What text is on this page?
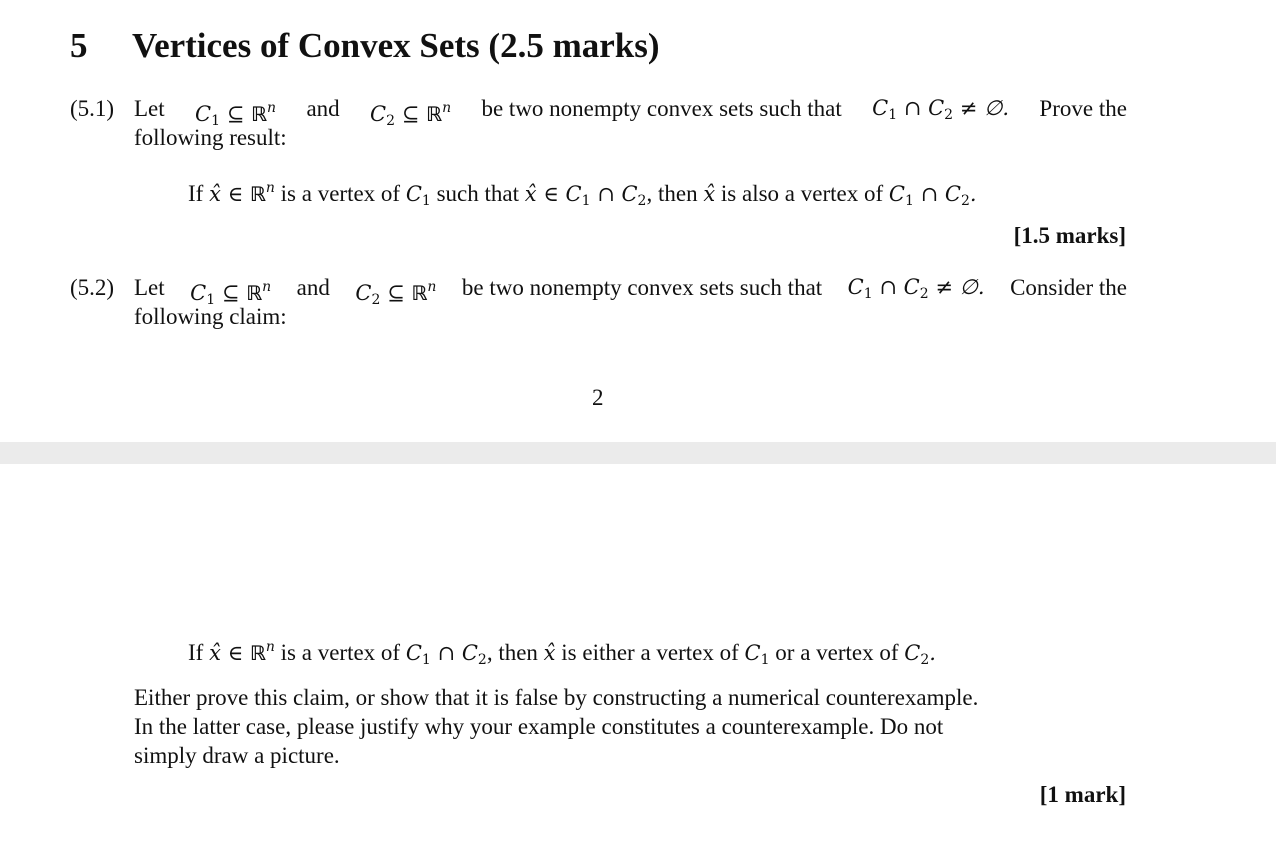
5 Vertices of Convex Sets (2.5 marks)
(5.1) Let $C_1$ ⊆ ℝ$^n$ and $C_2$ ⊆ ℝ$^n$ be two nonempty convex sets such that $C_1$ ∩ $C_2$ ≠ ∅. Prove the
following result:
If x̂ ∈ ℝ$^n$ is a vertex of $C_1$ such that x̂ ∈ $C_1$ ∩ $C_2$, then x̂ is also a vertex of $C_1$ ∩ $C_2$.
[1.5 marks]
(5.2) Let $C_1$ ⊆ ℝ$^n$ and $C_2$ ⊆ ℝ$^n$ be two nonempty convex sets such that $C_1$ ∩ $C_2$ ≠ ∅. Consider the
following claim:
2
If x̂ ∈ ℝ$^n$ is a vertex of $C_1$ ∩ $C_2$, then x̂ is either a vertex of $C_1$ or a vertex of $C_2$.
Either prove this claim, or show that it is false by constructing a numerical counterexample.
In the latter case, please justify why your example constitutes a counterexample. Do not
simply draw a picture.
[1 mark]
